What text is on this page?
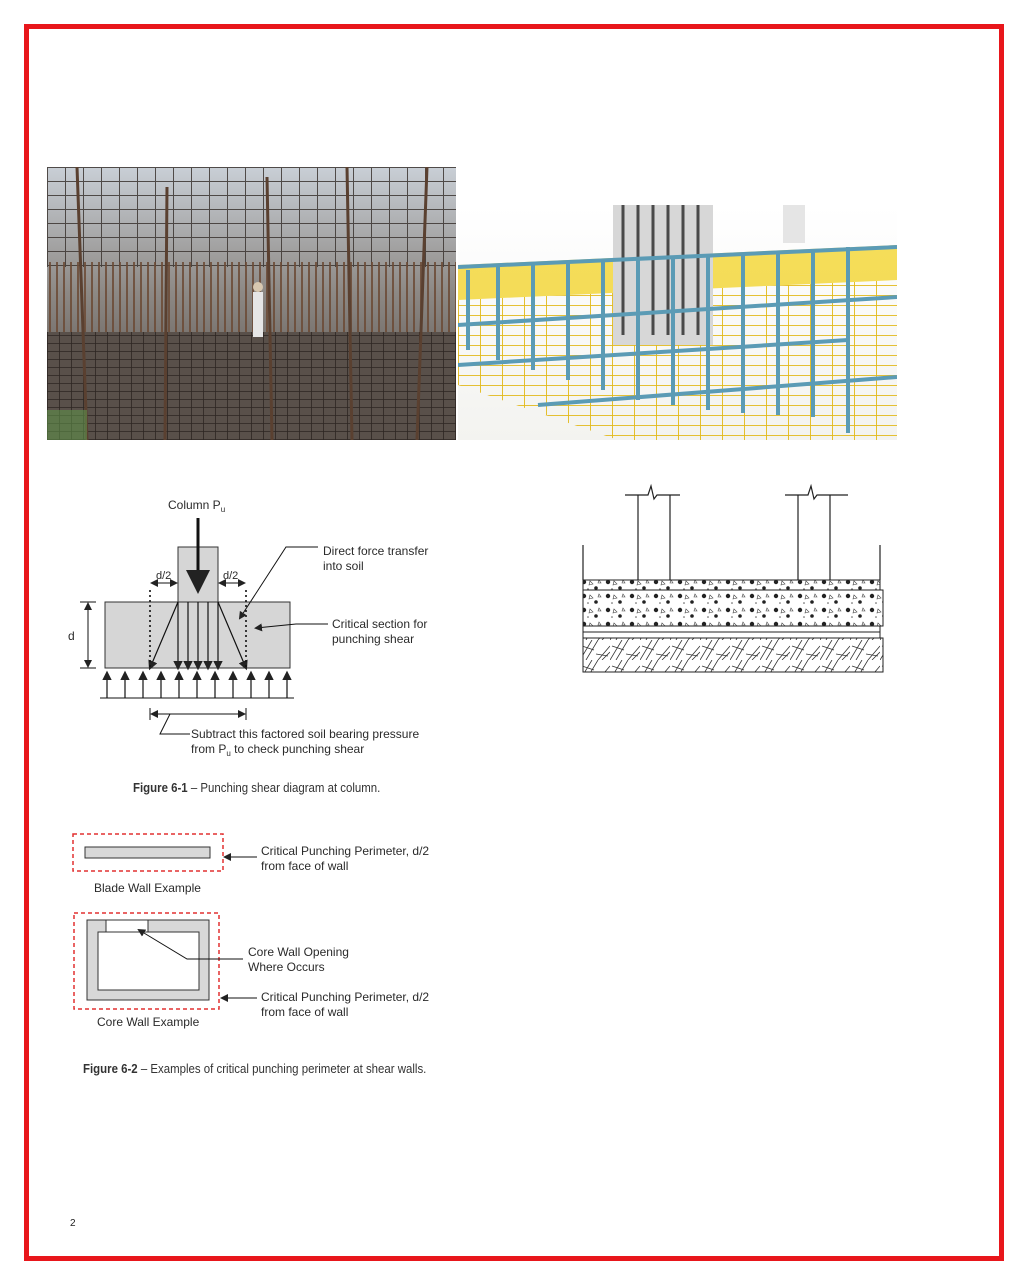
Column $P_u$
d/2	d/2
d
Direct force transfer
into soil
Critical section for
punching shear
Subtract this factored soil bearing pressure
from $P_u$ to check punching shear
Figure 6-1 – Punching shear diagram at column.
Critical Punching Perimeter, d/2
from face of wall
Blade Wall Example
Core Wall Opening
Where Occurs
Critical Punching Perimeter, d/2
from face of wall
Core Wall Example
Figure 6-2 – Examples of critical punching perimeter at shear walls.
2
